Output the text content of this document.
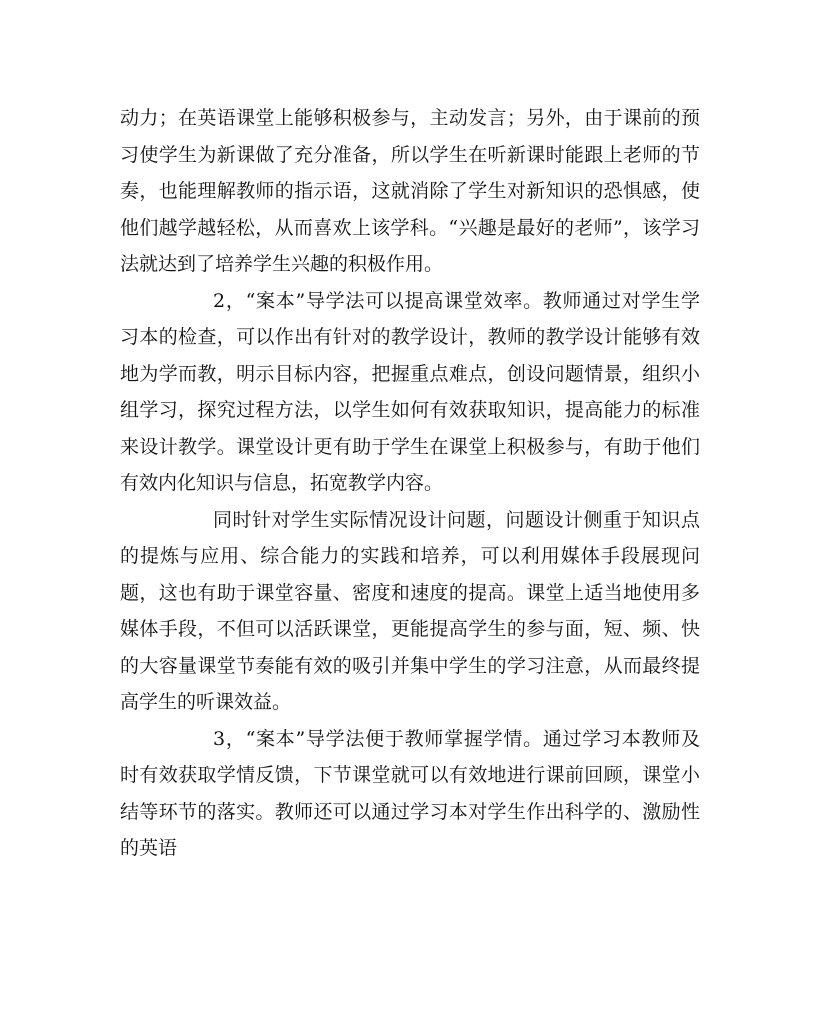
动力；在英语课堂上能够积极参与，主动发言；另外，由于课前的预习使学生为新课做了充分准备，所以学生在听新课时能跟上老师的节奏，也能理解教师的指示语，这就消除了学生对新知识的恐惧感，使他们越学越轻松，从而喜欢上该学科。“兴趣是最好的老师”，该学习法就达到了培养学生兴趣的积极作用。

2，“案本”导学法可以提高课堂效率。教师通过对学生学习本的检查，可以作出有针对的教学设计，教师的教学设计能够有效地为学而教，明示目标内容，把握重点难点，创设问题情景，组织小组学习，探究过程方法，以学生如何有效获取知识，提高能力的标准来设计教学。课堂设计更有助于学生在课堂上积极参与，有助于他们有效内化知识与信息，拓宽教学内容。

同时针对学生实际情况设计问题，问题设计侧重于知识点的提炼与应用、综合能力的实践和培养，可以利用媒体手段展现问题，这也有助于课堂容量、密度和速度的提高。课堂上适当地使用多媒体手段，不但可以活跃课堂，更能提高学生的参与面，短、频、快的大容量课堂节奏能有效的吸引并集中学生的学习注意，从而最终提高学生的听课效益。

3，“案本”导学法便于教师掌握学情。通过学习本教师及时有效获取学情反馈，下节课堂就可以有效地进行课前回顾，课堂小结等环节的落实。教师还可以通过学习本对学生作出科学的、激励性的英语
